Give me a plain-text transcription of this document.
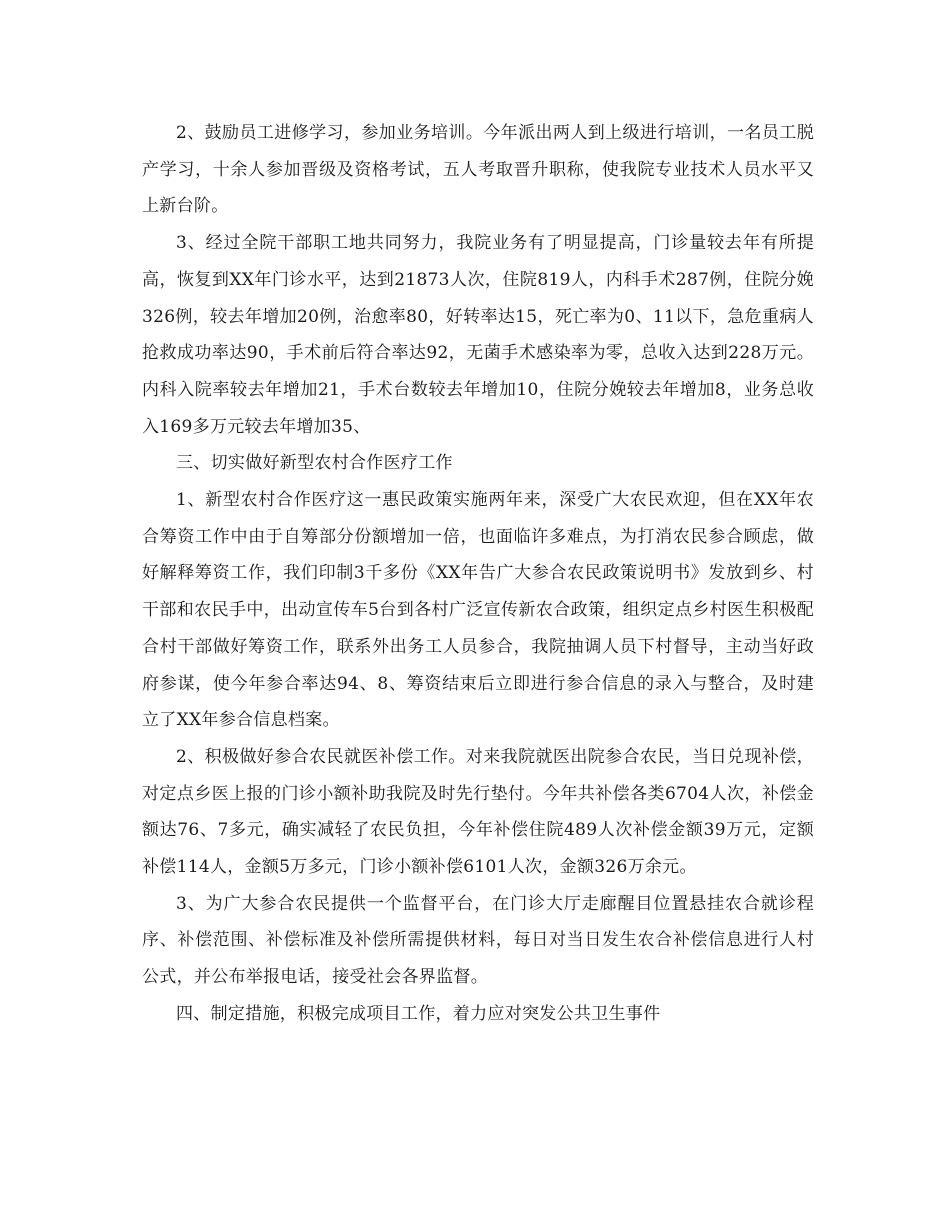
2、鼓励员工进修学习，参加业务培训。今年派出两人到上级进行培训，一名员工脱产学习，十余人参加晋级及资格考试，五人考取晋升职称，使我院专业技术人员水平又上新台阶。

3、经过全院干部职工地共同努力，我院业务有了明显提高，门诊量较去年有所提高，恢复到XX年门诊水平，达到21873人次，住院819人，内科手术287例，住院分娩326例，较去年增加20例，治愈率80，好转率达15，死亡率为0、11以下，急危重病人抢救成功率达90，手术前后符合率达92，无菌手术感染率为零，总收入达到228万元。内科入院率较去年增加21，手术台数较去年增加10，住院分娩较去年增加8，业务总收入169多万元较去年增加35、

三、切实做好新型农村合作医疗工作

1、新型农村合作医疗这一惠民政策实施两年来，深受广大农民欢迎，但在XX年农合筹资工作中由于自筹部分份额增加一倍，也面临许多难点，为打消农民参合顾虑，做好解释筹资工作，我们印制3千多份《XX年告广大参合农民政策说明书》发放到乡、村干部和农民手中，出动宣传车5台到各村广泛宣传新农合政策，组织定点乡村医生积极配合村干部做好筹资工作，联系外出务工人员参合，我院抽调人员下村督导，主动当好政府参谋，使今年参合率达94、8、筹资结束后立即进行参合信息的录入与整合，及时建立了XX年参合信息档案。

2、积极做好参合农民就医补偿工作。对来我院就医出院参合农民，当日兑现补偿，对定点乡医上报的门诊小额补助我院及时先行垫付。今年共补偿各类6704人次，补偿金额达76、7多元，确实减轻了农民负担，今年补偿住院489人次补偿金额39万元，定额补偿114人，金额5万多元，门诊小额补偿6101人次，金额326万余元。

3、为广大参合农民提供一个监督平台，在门诊大厅走廊醒目位置悬挂农合就诊程序、补偿范围、补偿标准及补偿所需提供材料，每日对当日发生农合补偿信息进行人村公式，并公布举报电话，接受社会各界监督。

四、制定措施，积极完成项目工作，着力应对突发公共卫生事件
